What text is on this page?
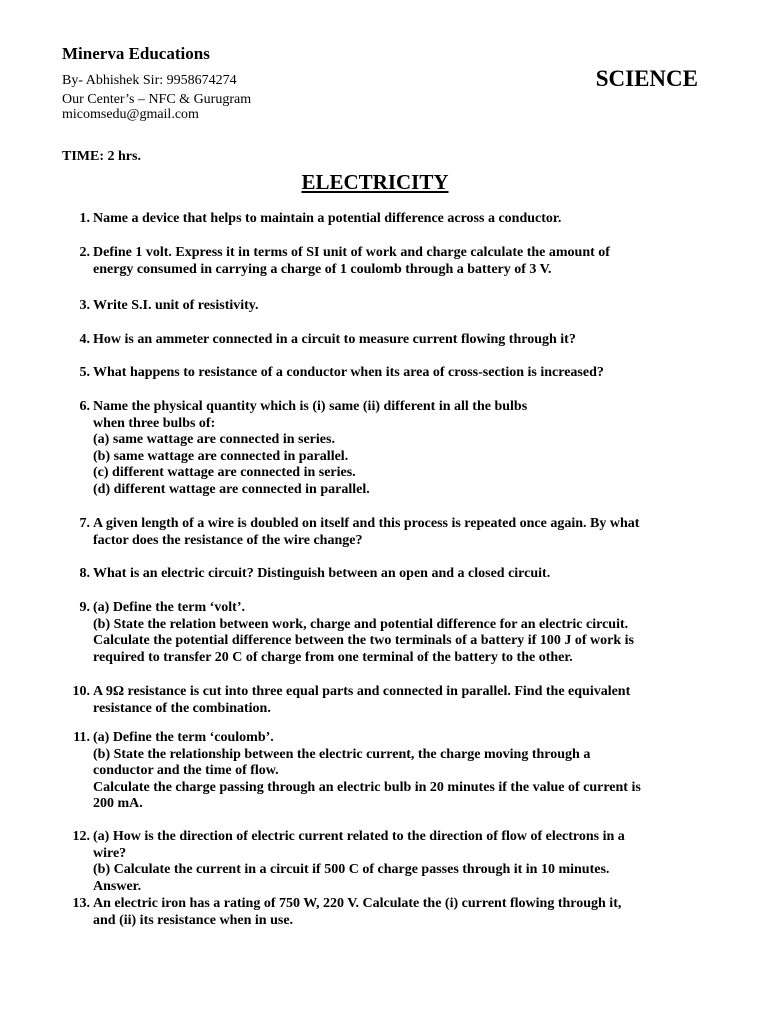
Minerva Educations
By- Abhishek Sir: 9958674274
Our Center’s – NFC & Gurugram
micomsedu@gmail.com
SCIENCE
TIME: 2 hrs.
ELECTRICITY
1. Name a device that helps to maintain a potential difference across a conductor.
2. Define 1 volt. Express it in terms of SI unit of work and charge calculate the amount of
energy consumed in carrying a charge of 1 coulomb through a battery of 3 V.
3. Write S.I. unit of resistivity.
4. How is an ammeter connected in a circuit to measure current flowing through it?
5. What happens to resistance of a conductor when its area of cross-section is increased?
6. Name the physical quantity which is (i) same (ii) different in all the bulbs
when three bulbs of:
(a) same wattage are connected in series.
(b) same wattage are connected in parallel.
(c) different wattage are connected in series.
(d) different wattage are connected in parallel.
7. A given length of a wire is doubled on itself and this process is repeated once again. By what
factor does the resistance of the wire change?
8. What is an electric circuit? Distinguish between an open and a closed circuit.
9. (a) Define the term ‘volt’.
(b) State the relation between work, charge and potential difference for an electric circuit.
Calculate the potential difference between the two terminals of a battery if 100 J of work is
required to transfer 20 C of charge from one terminal of the battery to the other.
10. A 9Ω resistance is cut into three equal parts and connected in parallel. Find the equivalent
resistance of the combination.
11. (a) Define the term ‘coulomb’.
(b) State the relationship between the electric current, the charge moving through a
conductor and the time of flow.
Calculate the charge passing through an electric bulb in 20 minutes if the value of current is
200 mA.
12. (a) How is the direction of electric current related to the direction of flow of electrons in a
wire?
(b) Calculate the current in a circuit if 500 C of charge passes through it in 10 minutes.
Answer.
13. An electric iron has a rating of 750 W, 220 V. Calculate the (i) current flowing through it,
and (ii) its resistance when in use.
